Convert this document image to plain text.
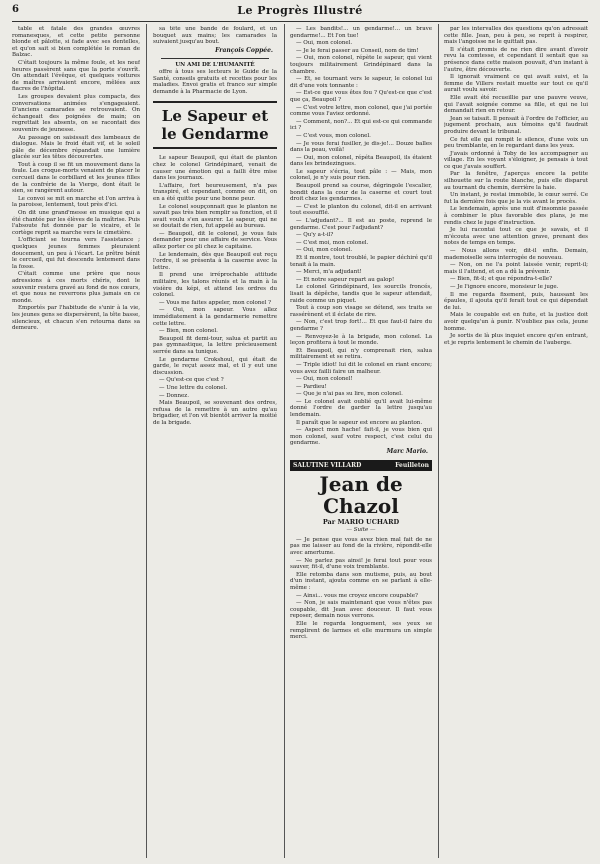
6	Le Progrès Illustré

table et fatale des grandes œuvres romanesques, et cette petite personne blonde et pâlotte, si fade avec ses dentelles, et qu'on sait si bien complétée le roman de Balzac.

C'était toujours la même foule, et les neuf heures passèrent sans que la porte s'ouvrît. On attendait l'évêque, et quelques voitures de maîtres arrivaient encore, mêlées aux fiacres de l'hôpital.

Les groupes devaient plus compacts, des conversations animées s'engageaient. D'anciens camarades se retrouvaient. On échangeait des poignées de main; on regrettait les absents, on se racontait des souvenirs de jeunesse.

Au passage on saisissait des lambeaux de dialogue. Mais le froid était vif, et le soleil pâle de décembre répandait une lumière glacée sur les têtes découvertes.

Tout à coup il se fit un mouvement dans la foule. Les croque-morts venaient de placer le cercueil dans le corbillard et les jeunes filles de la confrérie de la Vierge, dont était le sien, se rangèrent autour.

Le convoi se mit en marche et l'on arriva à la paroisse, lentement, tout près d'ici.

On dit une grand'messe en musique qui a été chantée par les élèves de la maîtrise. Puis l'absoute fut donnée par le vicaire, et le cortège reprit sa marche vers le cimetière.

L'officiant se tourna vers l'assistance ; quelques jeunes femmes pleuraient doucement, un peu à l'écart. Le prêtre bénit le cercueil, qui fut descendu lentement dans la fosse.

C'était comme une prière que nous adressions à ces morts chéris, dont le souvenir restera gravé au fond de nos cœurs, et que nous ne reverrons plus jamais en ce monde.

Emportés par l'habitude de s'unir à la vie, les jeunes gens se dispersèrent, la tête basse, silencieux, et chacun s'en retourna dans sa demeure.

sa tête une bande de foulard, et un bouquet aux mains; les camarades la suivaient jusqu'au bout.

François Coppée.
UN AMI DE L'HUMANITÉ

offre à tous ses lecteurs le Guide de la Santé, conseils gratuits et recettes pour les maladies. Envoi gratis et franco sur simple demande à la Pharmacie de Lyon.

Le Sapeur et le Gendarme

Le sapeur Beaupoil, qui était de planton chez le colonel Grindépinard, venait de causer une émotion qui a failli être mise dans les journaux.

L'affaire, fort heureusement, n'a pas transpiré, et cependant, comme on dit, on en a été quitte pour une bonne peur.

Le colonel soupçonnait que le planton ne savait pas très bien remplir sa fonction, et il avait voulu s'en assurer. Le sapeur, qui ne se doutait de rien, fut appelé au bureau.

— Beaupoil, dit le colonel, je vous fais demander pour une affaire de service. Vous allez porter ce pli chez le capitaine.

Le lendemain, dès que Beaupoil eut reçu l'ordre, il se présenta à la caserne avec la lettre.

Il prend une irréprochable attitude militaire, les talons réunis et la main à la visière du képi, et attend les ordres du colonel.

— Vous me faites appeler, mon colonel ?

— Oui, mon sapeur. Vous allez immédiatement à la gendarmerie remettre cette lettre.

— Bien, mon colonel.

Beaupoil fit demi-tour, salua et partit au pas gymnastique, la lettre précieusement serrée dans sa tunique.

Le gendarme Crokshoul, qui était de garde, le reçut assez mal, et il y eut une discussion.

— Qu'est-ce que c'est ?

— Une lettre du colonel.

— Donnez.

Mais Beaupoil, se souvenant des ordres, refusa de la remettre à un autre qu'au brigadier, et l'on vit bientôt arriver la moitié de la brigade.

— Les bandits!... un gendarme!... un brave gendarme!... Et l'on tue!

— Oui, mon colonel.

— Je le ferai passer au Conseil, nom de tim!

— Oui, mon colonel, répète le sapeur, qui vient toujours militairement Grindépinard dans la chambre.

— Et, se tournant vers le sapeur, le colonel lui dit d'une voix tonnante :

— Est-ce que vous êtes fou ? Qu'est-ce que c'est que ça, Beaupoil ?

— C'est votre lettre, mon colonel, que j'ai portée comme vous l'aviez ordonné.

— Comment, non?... Et qui est-ce qui commande ici ?

— C'est vous, mon colonel.

— Je vous ferai fusiller, je dis-je!... Douze balles dans la peau, voilà!

— Oui, mon colonel, répéta Beaupoil, ils étaient dans les brindezingues.

Le sapeur s'écria, tout pâle : — Mais, mon colonel, je n'y suis pour rien.

Beaupoil prend sa course, dégringole l'escalier, bondit dans la cour de la caserne et court tout droit chez les gendarmes.

— C'est le planton du colonel, dit-il en arrivant tout essoufflé.

— L'adjudant?... Il est au poste, reprend le gendarme. C'est pour l'adjudant?

— Qu'y a-t-il?

— C'est moi, mon colonel.

— Oui, mon colonel.

Et il montre, tout troublé, le papier déchiré qu'il tenait à la main.

— Merci, m'a adjudant!

— Et notre sapeur repart au galop!

Le colonel Grindépinard, les sourcils froncés, lisait la dépêche, tandis que le sapeur attendait, raide comme un piquet.

Tout à coup son visage se détend, ses traits se rassérènent et il éclate de rire.

— Non, c'est trop fort!... Et que faut-il faire du gendarme ?

— Renvoyez-le à la brigade, mon colonel. La leçon profitera à tout le monde.

Et Beaupoil, qui n'y comprenait rien, salua militairement et se retira.

— Triple idiot! lui dit le colonel en riant encore; vous avez failli faire un malheur.

— Oui, mon colonel!

— Pardieu!

— Que je n'ai pas su lire, mon colonel.

— Le colonel avait oublié qu'il avait lui-même donné l'ordre de garder la lettre jusqu'au lendemain.

Il paraît que le sapeur est encore au planton.

— Aspect mon hache! fait-il, je vous bien qui mon colonel, sauf votre respect, c'est celui du gendarme.

Marc Mario.
SALUTINE VILLARD	Feuilleton
Jean de Chazol
Par MARIO UCHARD
— Suite —

— Je pense que vous avez bien mal fait de ne pas me laisser au fond de la rivière, répondit-elle avec amertume.

— Ne parlez pas ainsi! je ferai tout pour vous sauver, fit-il, d'une voix tremblante.

Elle retomba dans son mutisme, puis, au bout d'un instant, ajouta comme en se parlant à elle-même :

— Ainsi... vous me croyez encore coupable?

— Non, je sais maintenant que vous n'êtes pas coupable, dit Jean avec douceur. Il faut vous reposer, demain nous verrons.

Elle le regarda longuement, ses yeux se remplirent de larmes et elle murmura un simple merci.

par les intervalles des questions qu'on adressait cette fille. Jean, peu à peu, se reprit à respirer, mais l'angoisse ne le quittait pas.

Il s'était promis de ne rien dire avant d'avoir revu la comtesse, et cependant il sentait que sa présence dans cette maison pouvait, d'un instant à l'autre, être découverte.

Il ignorait vraiment ce qui avait suivi, et la femme de Villers restait muette sur tout ce qu'il aurait voulu savoir.

Elle avait été recueillie par une pauvre veuve, qui l'avait soignée comme sa fille, et qui ne lui demandait rien en retour.

Jean se taisait. Il pensait à l'ordre de l'officier, au jugement prochain, aux témoins qu'il faudrait produire devant le tribunal.

Ce fut elle qui rompit le silence, d'une voix un peu tremblante, en le regardant dans les yeux.

J'avais ordonné à Toby de les accompagner au village. En les voyant s'éloigner, je pensais à tout ce que j'avais souffert.

Par la fenêtre, j'aperçus encore la petite silhouette sur la route blanche, puis elle disparut au tournant du chemin, derrière la haie.

Un instant, je restai immobile, le cœur serré. Ce fut la dernière fois que je la vis avant le procès.

Le lendemain, après une nuit d'insomnie passée à combiner le plus favorable des plans, je me rendis chez le juge d'instruction.

Je lui racontai tout ce que je savais, et il m'écouta avec une attention grave, prenant des notes de temps en temps.

— Nous allons voir, dit-il enfin. Demain, mademoiselle sera interrogée de nouveau.

— Non, on ne l'a point laissée venir, reprit-il; mais il l'attend, et on a dû la prévenir.

— Bien, fit-il; et que répondra-t-elle?

— Je l'ignore encore, monsieur le juge.

Il me regarda fixement, puis, haussant les épaules, il ajouta qu'il ferait tout ce qui dépendait de lui.

Mais le coupable est en fuite, et la justice doit avoir quelqu'un à punir. N'oubliez pas cela, jeune homme.

Je sortis de là plus inquiet encore qu'en entrant, et je repris lentement le chemin de l'auberge.
